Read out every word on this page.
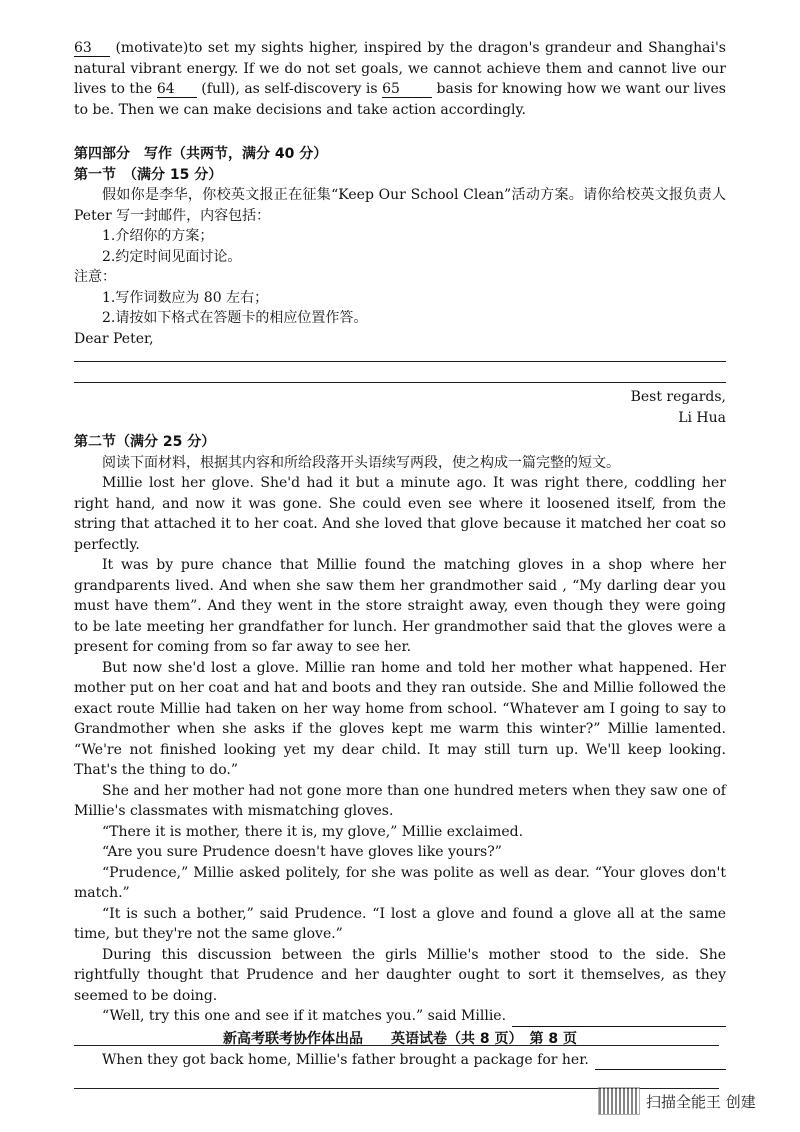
63 (motivate)to set my sights higher, inspired by the dragon's grandeur and Shanghai's natural vibrant energy. If we do not set goals, we cannot achieve them and cannot live our lives to the 64 (full), as self-discovery is 65 basis for knowing how we want our lives to be. Then we can make decisions and take action accordingly.

第四部分　写作（共两节，满分 40 分）

第一节　（满分 15 分）

假如你是李华，你校英文报正在征集“Keep Our School Clean”活动方案。请你给校英文报负责人 Peter 写一封邮件，内容包括：

1.介绍你的方案；

2.约定时间见面讨论。

注意：

1.写作词数应为 80 左右；

2.请按如下格式在答题卡的相应位置作答。

Dear Peter,

Best regards,

Li Hua

第二节（满分 25 分）

阅读下面材料，根据其内容和所给段落开头语续写两段，使之构成一篇完整的短文。

Millie lost her glove. She'd had it but a minute ago. It was right there, coddling her right hand, and now it was gone. She could even see where it loosened itself, from the string that attached it to her coat. And she loved that glove because it matched her coat so perfectly.

It was by pure chance that Millie found the matching gloves in a shop where her grandparents lived. And when she saw them her grandmother said , “My darling dear you must have them”. And they went in the store straight away, even though they were going to be late meeting her grandfather for lunch. Her grandmother said that the gloves were a present for coming from so far away to see her.

But now she'd lost a glove. Millie ran home and told her mother what happened. Her mother put on her coat and hat and boots and they ran outside. She and Millie followed the exact route Millie had taken on her way home from school. “Whatever am I going to say to Grandmother when she asks if the gloves kept me warm this winter?” Millie lamented. “We're not finished looking yet my dear child. It may still turn up. We'll keep looking. That's the thing to do.”

She and her mother had not gone more than one hundred meters when they saw one of Millie's classmates with mismatching gloves.

“There it is mother, there it is, my glove,” Millie exclaimed.

“Are you sure Prudence doesn't have gloves like yours?”

“Prudence,” Millie asked politely, for she was polite as well as dear. “Your gloves don't match.”

“It is such a bother,” said Prudence. “I lost a glove and found a glove all at the same time, but they're not the same glove.”

During this discussion between the girls Millie's mother stood to the side. She rightfully thought that Prudence and her daughter ought to sort it themselves, as they seemed to be doing.

“Well, try this one and see if it matches you.” said Millie.
When they got back home, Millie's father brought a package for her.
新高考联考协作体出品　　英语试卷（共 8 页）　第 8 页
扫描全能王 创建
